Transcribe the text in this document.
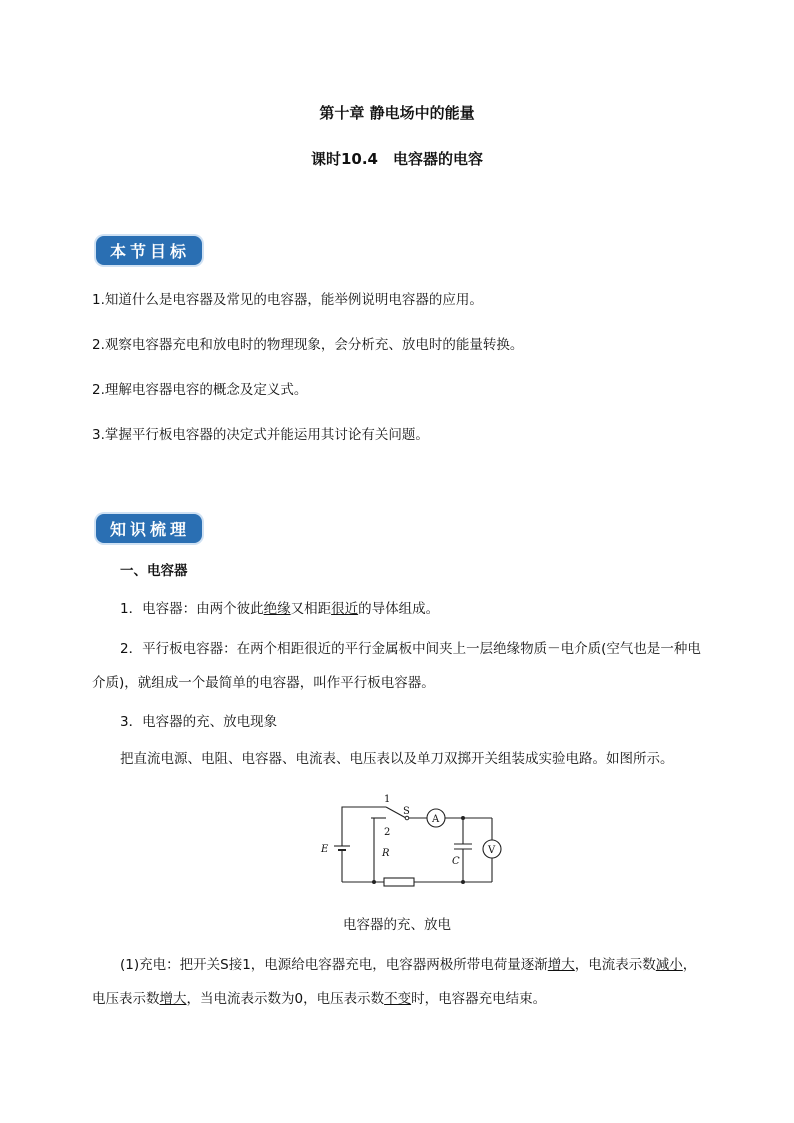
第十章 静电场中的能量
课时10.4　电容器的电容
本节目标
1.知道什么是电容器及常见的电容器，能举例说明电容器的应用。
2.观察电容器充电和放电时的物理现象，会分析充、放电时的能量转换。
2.理解电容器电容的概念及定义式。
3.掌握平行板电容器的决定式并能运用其讨论有关问题。
知识梳理
一、电容器
1．电容器：由两个彼此绝缘又相距很近的导体组成。
2．平行板电容器：在两个相距很近的平行金属板中间夹上一层绝缘物质－电介质(空气也是一种电介质)，就组成一个最简单的电容器，叫作平行板电容器。
3．电容器的充、放电现象
把直流电源、电阻、电容器、电流表、电压表以及单刀双掷开关组装成实验电路。如图所示。
1
S
A
2
V
E	R
C
电容器的充、放电
(1)充电：把开关S接1，电源给电容器充电，电容器两极所带电荷量逐渐增大，电流表示数减小，电压表示数增大，当电流表示数为0，电压表示数不变时，电容器充电结束。
